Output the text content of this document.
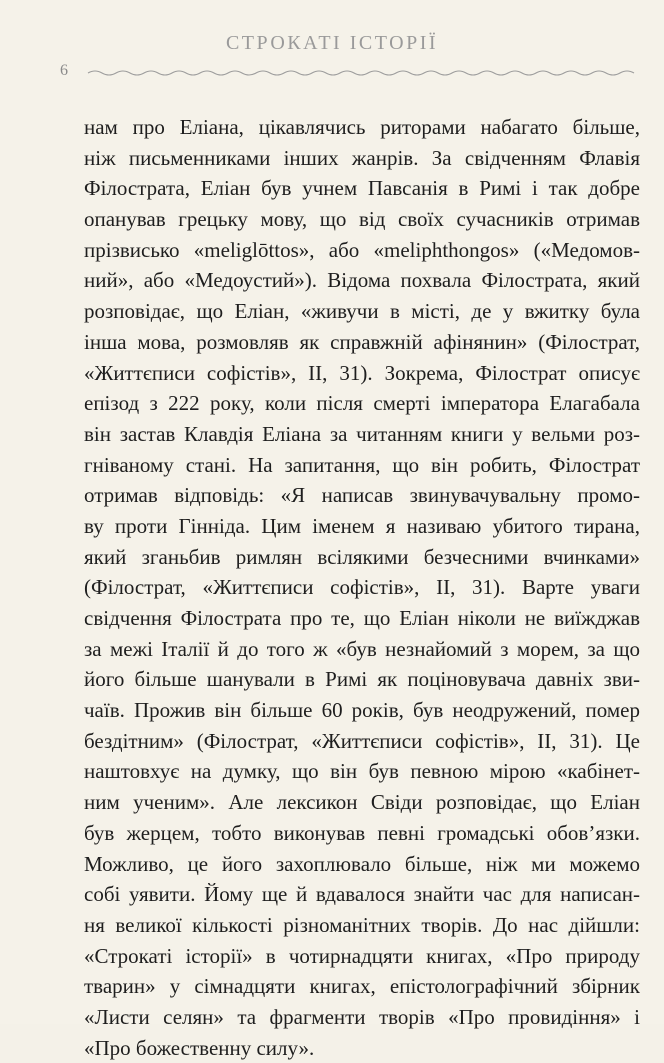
СТРОКАТІ ІСТОРІЇ
6
нам про Еліана, цікавлячись риторами набагато більше,
ніж письменниками інших жанрів. За свідченням Флавія
Філострата, Еліан був учнем Павсанія в Римі і так добре
опанував грецьку мову, що від своїх сучасників отримав
прізвисько «melіglōttos», або «meliphthongos» («Медомов-
ний», або «Медоустий»). Відома похвала Філострата, який
розповідає, що Еліан, «живучи в місті, де у вжитку була
інша мова, розмовляв як справжній афінянин» (Філострат,
«Життєписи софістів», II, 31). Зокрема, Філострат описує
епізод з 222 року, коли після смерті імператора Елагабала
він застав Клавдія Еліана за читанням книги у вельми роз-
гніваному стані. На запитання, що він робить, Філострат
отримав відповідь: «Я написав звинувачувальну промо-
ву проти Гінніда. Цим іменем я називаю убитого тирана,
який зганьбив римлян всілякими безчесними вчинками»
(Філострат, «Життєписи софістів», II, 31). Варте уваги
свідчення Філострата про те, що Еліан ніколи не виїжджав
за межі Італії й до того ж «був незнайомий з морем, за що
його більше шанували в Римі як поціновувача давніх зви-
чаїв. Прожив він більше 60 років, був неодружений, помер
бездітним» (Філострат, «Життєписи софістів», II, 31). Це
наштовхує на думку, що він був певною мірою «кабінет-
ним ученим». Але лексикон Свіди розповідає, що Еліан
був жерцем, тобто виконував певні громадські обов’язки.
Можливо, це його захоплювало більше, ніж ми можемо
собі уявити. Йому ще й вдавалося знайти час для написан-
ня великої кількості різноманітних творів. До нас дійшли:
«Строкаті історії» в чотирнадцяти книгах, «Про природу
тварин» у сімнадцяти книгах, епістолографічний збірник
«Листи селян» та фрагменти творів «Про провидіння» і
«Про божественну силу».
